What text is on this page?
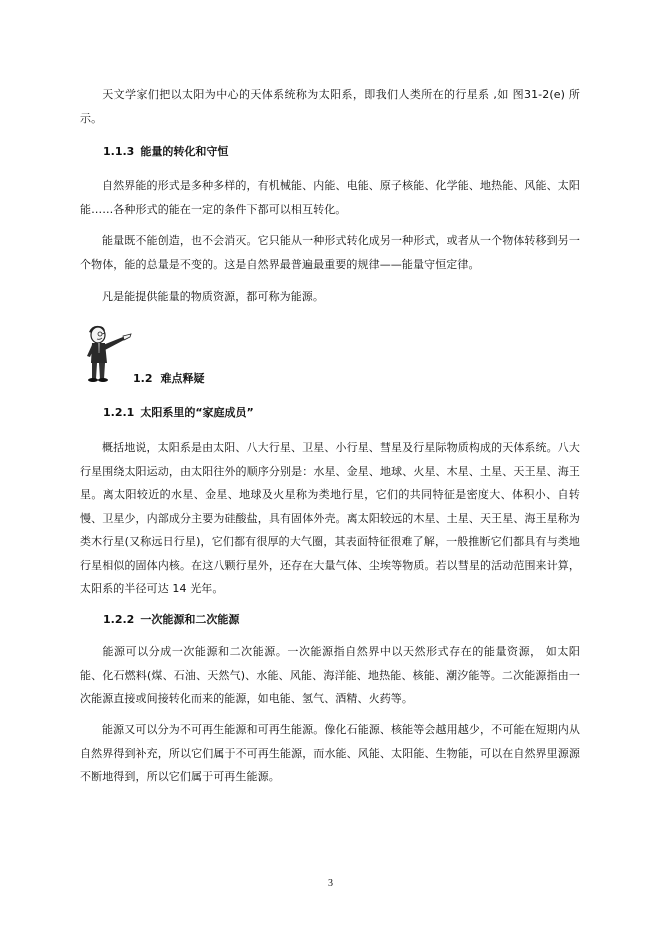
天文学家们把以太阳为中心的天体系统称为太阳系，即我们人类所在的行星系 ,如 图31-2(e) 所示。

1.1.3 能量的转化和守恒

自然界能的形式是多种多样的，有机械能、内能、电能、原子核能、化学能、地热能、风能、太阳能……各种形式的能在一定的条件下都可以相互转化。

能量既不能创造，也不会消灭。它只能从一种形式转化成另一种形式，或者从一个物体转移到另一个物体，能的总量是不变的。这是自然界最普遍最重要的规律——能量守恒定律。

凡是能提供能量的物质资源，都可称为能源。

1.2 难点释疑
1.2.1 太阳系里的“家庭成员”

概括地说，太阳系是由太阳、八大行星、卫星、小行星、彗星及行星际物质构成的天体系统。八大行星围绕太阳运动，由太阳往外的顺序分别是：水星、金星、地球、火星、木星、土星、天王星、海王星。离太阳较近的水星、金星、地球及火星称为类地行星，它们的共同特征是密度大、体积小、自转慢、卫星少，内部成分主要为硅酸盐，具有固体外壳。离太阳较远的木星、土星、天王星、海王星称为类木行星(又称远日行星)，它们都有很厚的大气圈，其表面特征很难了解，一般推断它们都具有与类地行星相似的固体内核。在这八颗行星外，还存在大量气体、尘埃等物质。若以彗星的活动范围来计算，太阳系的半径可达 14 光年。

1.2.2 一次能源和二次能源

能源可以分成一次能源和二次能源。一次能源指自然界中以天然形式存在的能量资源， 如太阳能、化石燃料(煤、石油、天然气)、水能、风能、海洋能、地热能、核能、潮汐能等。二次能源指由一次能源直接或间接转化而来的能源，如电能、氢气、酒精、火药等。

能源又可以分为不可再生能源和可再生能源。像化石能源、核能等会越用越少，不可能在短期内从自然界得到补充，所以它们属于不可再生能源，而水能、风能、太阳能、生物能，可以在自然界里源源不断地得到，所以它们属于可再生能源。

3
